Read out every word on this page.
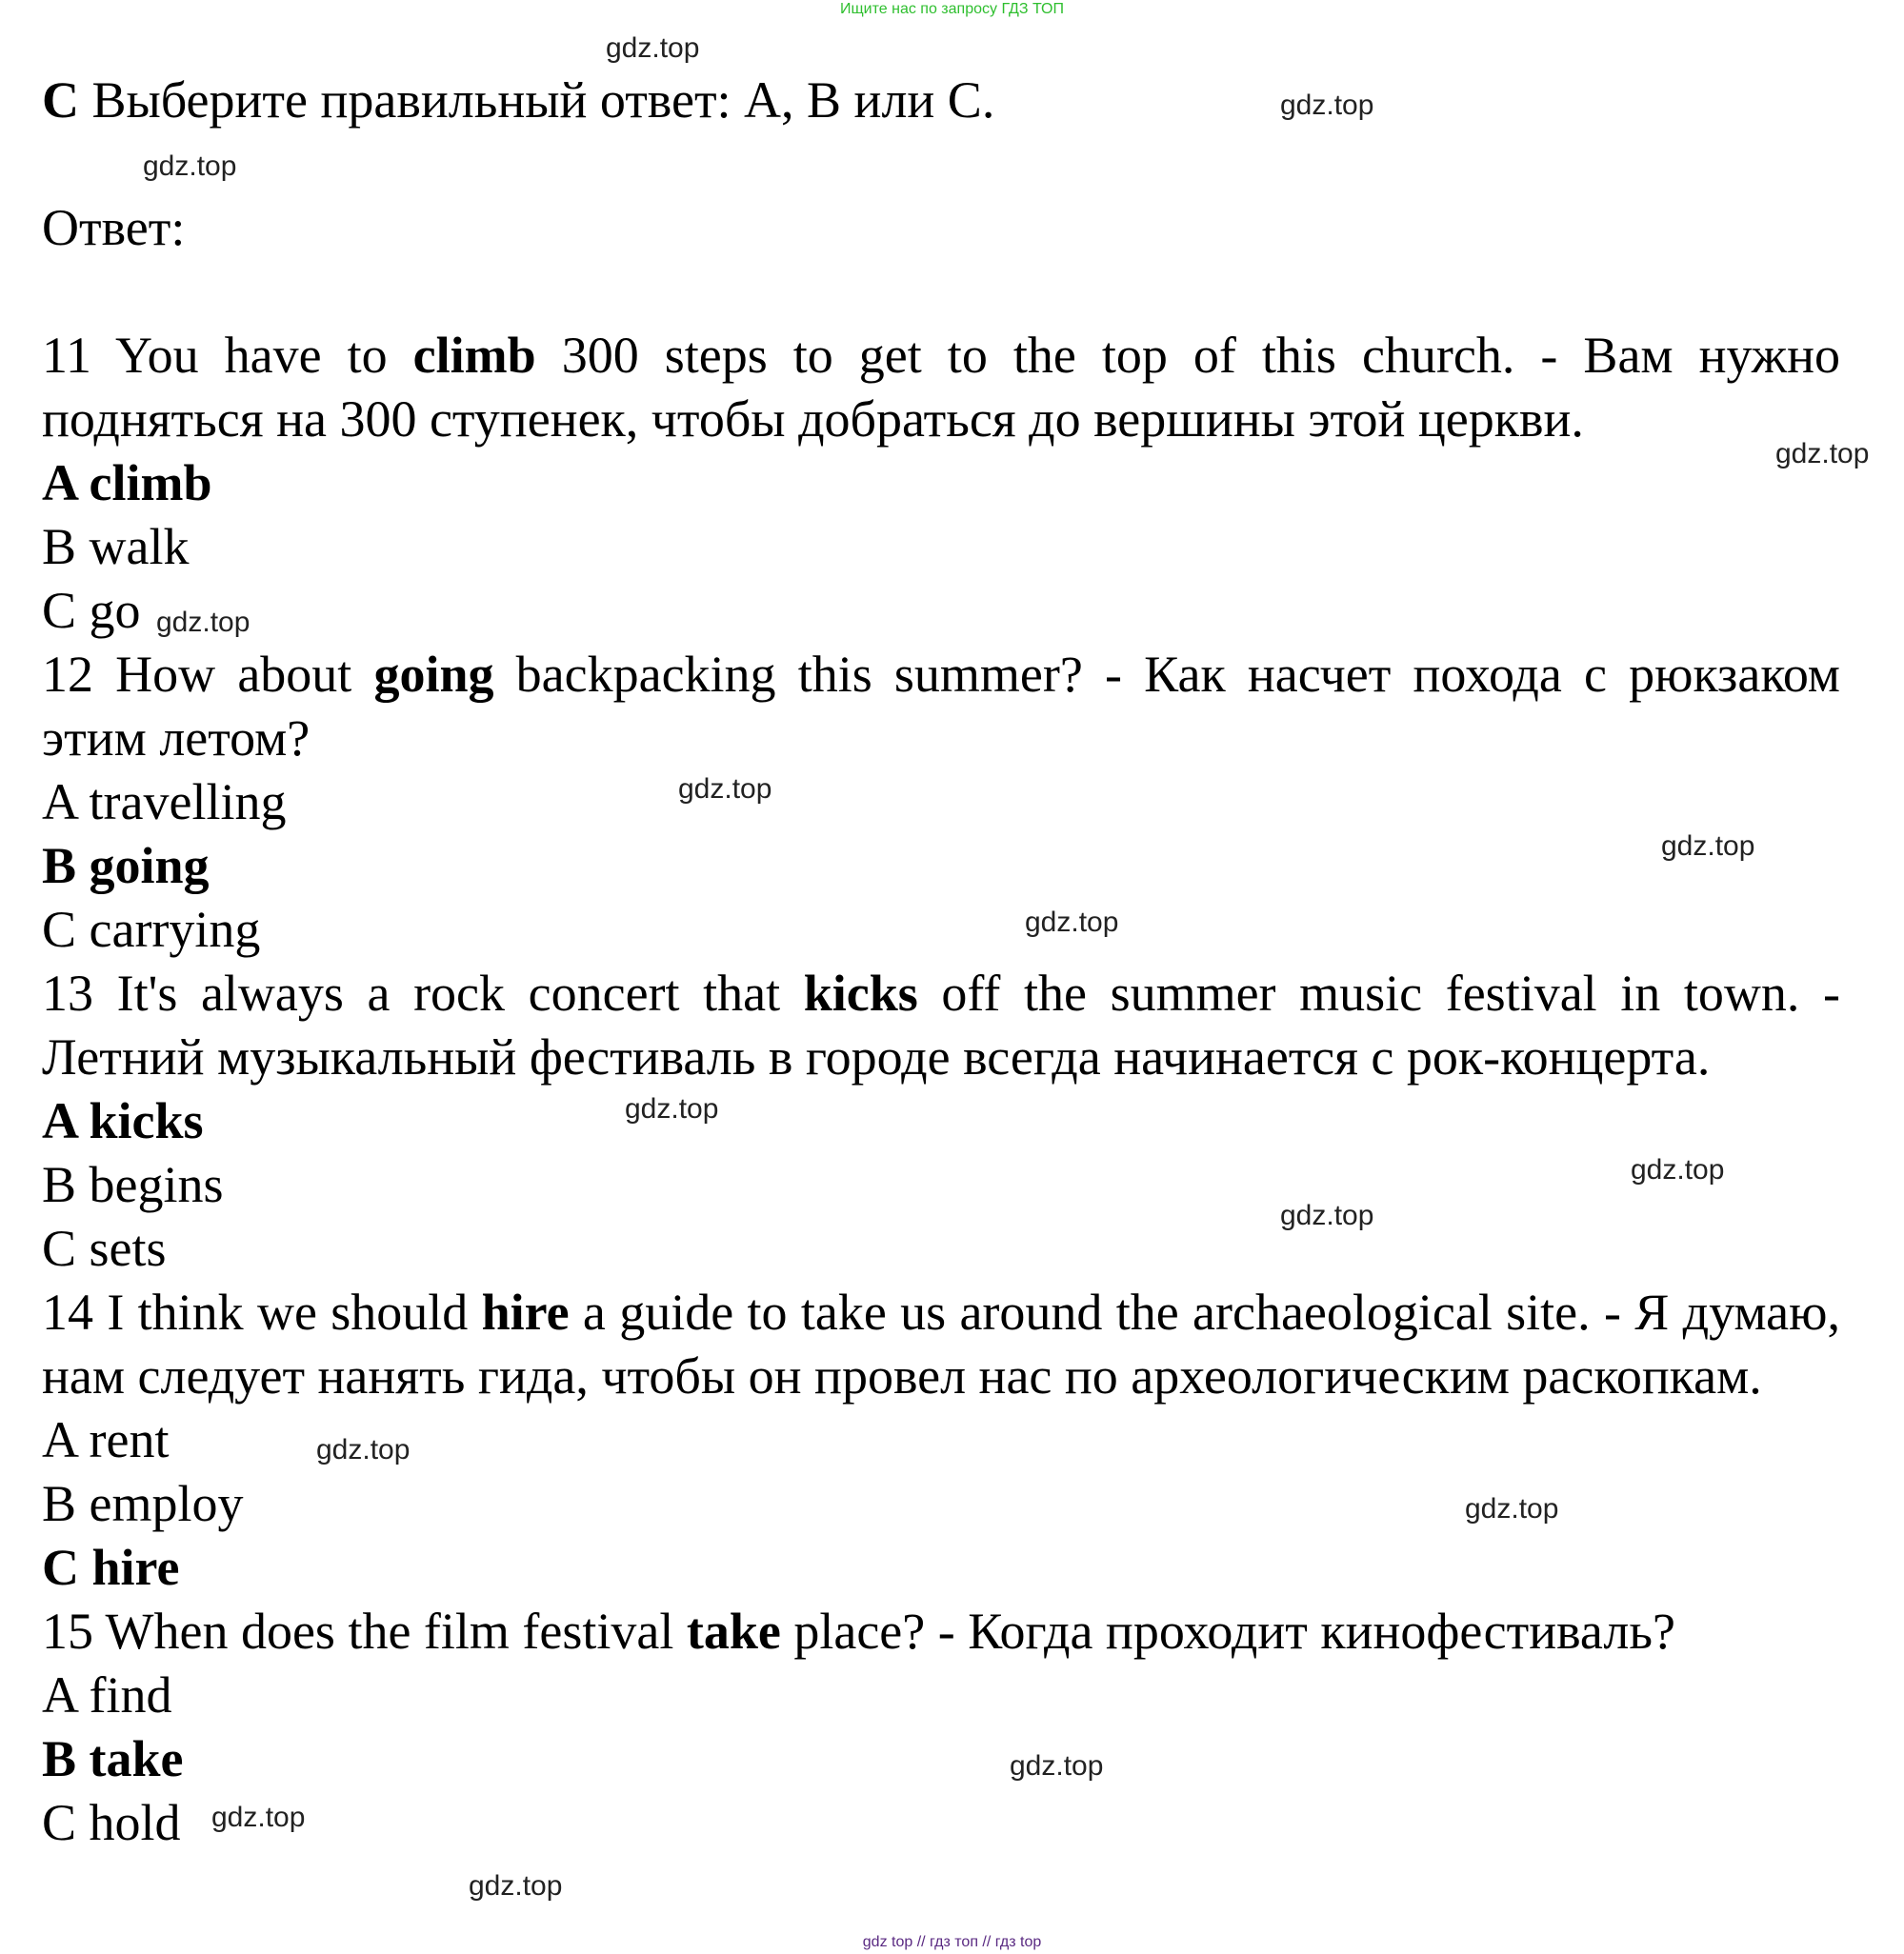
Ищите нас по запросу ГДЗ ТОП
C Выберите правильный ответ: A, B или C.
Ответ:
11 You have to climb 300 steps to get to the top of this church. - Вам нужно подняться на 300 ступенек, чтобы добраться до вершины этой церкви.
A climb
B walk
C go
12 How about going backpacking this summer? - Как насчет похода с рюкзаком этим летом?
A travelling
B going
C carrying
13 It's always a rock concert that kicks off the summer music festival in town. - Летний музыкальный фестиваль в городе всегда начинается с рок-концерта.
A kicks
B begins
C sets
14 I think we should hire a guide to take us around the archaeological site. - Я думаю, нам следует нанять гида, чтобы он провел нас по археологическим раскопкам.
A rent
B employ
C hire
15 When does the film festival take place? - Когда проходит кинофестиваль?
A find
B take
C hold
gdz.top
gdz.top
gdz.top
gdz.top
gdz.top
gdz.top
gdz.top
gdz.top
gdz.top
gdz.top
gdz.top
gdz.top
gdz.top
gdz.top
gdz.top
gdz.top
gdz top // гдз топ // гдз top
